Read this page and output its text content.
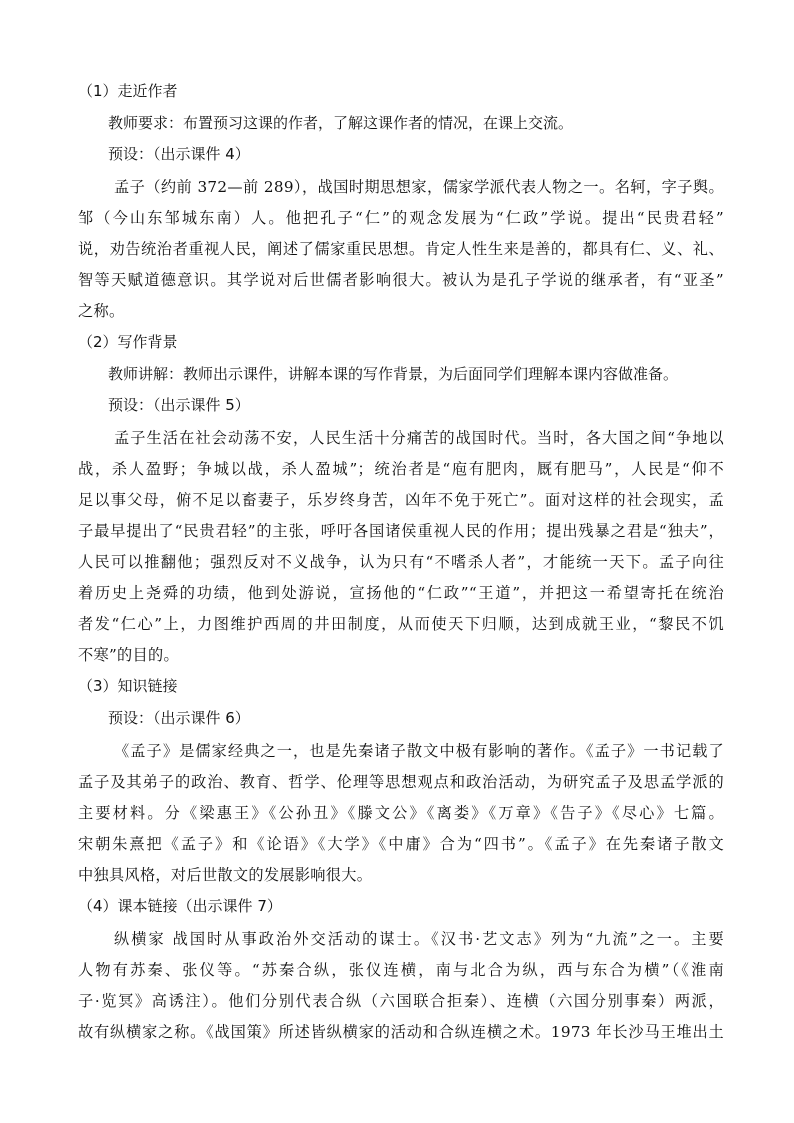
（1）走近作者
教师要求：布置预习这课的作者，了解这课作者的情况，在课上交流。
预设：（出示课件 4）
孟子（约前 372—前 289），战国时期思想家，儒家学派代表人物之一。名轲，字子舆。
邹（今山东邹城东南）人。他把孔子“仁”的观念发展为“仁政”学说。提出“民贵君轻”
说，劝告统治者重视人民，阐述了儒家重民思想。肯定人性生来是善的，都具有仁、义、礼、
智等天赋道德意识。其学说对后世儒者影响很大。被认为是孔子学说的继承者，有“亚圣”
之称。
（2）写作背景
教师讲解：教师出示课件，讲解本课的写作背景，为后面同学们理解本课内容做准备。
预设：（出示课件 5）
孟子生活在社会动荡不安，人民生活十分痛苦的战国时代。当时，各大国之间“争地以
战，杀人盈野；争城以战，杀人盈城”；统治者是“庖有肥肉，厩有肥马”，人民是“仰不
足以事父母，俯不足以畜妻子，乐岁终身苦，凶年不免于死亡”。面对这样的社会现实，孟
子最早提出了“民贵君轻”的主张，呼吁各国诸侯重视人民的作用；提出残暴之君是“独夫”，
人民可以推翻他；强烈反对不义战争，认为只有“不嗜杀人者”，才能统一天下。孟子向往
着历史上尧舜的功绩，他到处游说，宣扬他的“仁政”“王道”，并把这一希望寄托在统治
者发“仁心”上，力图维护西周的井田制度，从而使天下归顺，达到成就王业，“黎民不饥
不寒”的目的。
（3）知识链接
预设：（出示课件 6）
《孟子》是儒家经典之一，也是先秦诸子散文中极有影响的著作。《孟子》一书记载了
孟子及其弟子的政治、教育、哲学、伦理等思想观点和政治活动，为研究孟子及思孟学派的
主要材料。分《梁惠王》《公孙丑》《滕文公》《离娄》《万章》《告子》《尽心》七篇。
宋朝朱熹把《孟子》和《论语》《大学》《中庸》合为“四书”。《孟子》在先秦诸子散文
中独具风格，对后世散文的发展影响很大。
（4）课本链接（出示课件 7）
纵横家 战国时从事政治外交活动的谋士。《汉书·艺文志》列为“九流”之一。主要
人物有苏秦、张仪等。“苏秦合纵，张仪连横，南与北合为纵，西与东合为横”（《淮南
子·览冥》高诱注）。他们分别代表合纵（六国联合拒秦）、连横（六国分别事秦）两派，
故有纵横家之称。《战国策》所述皆纵横家的活动和合纵连横之术。1973 年长沙马王堆出土
